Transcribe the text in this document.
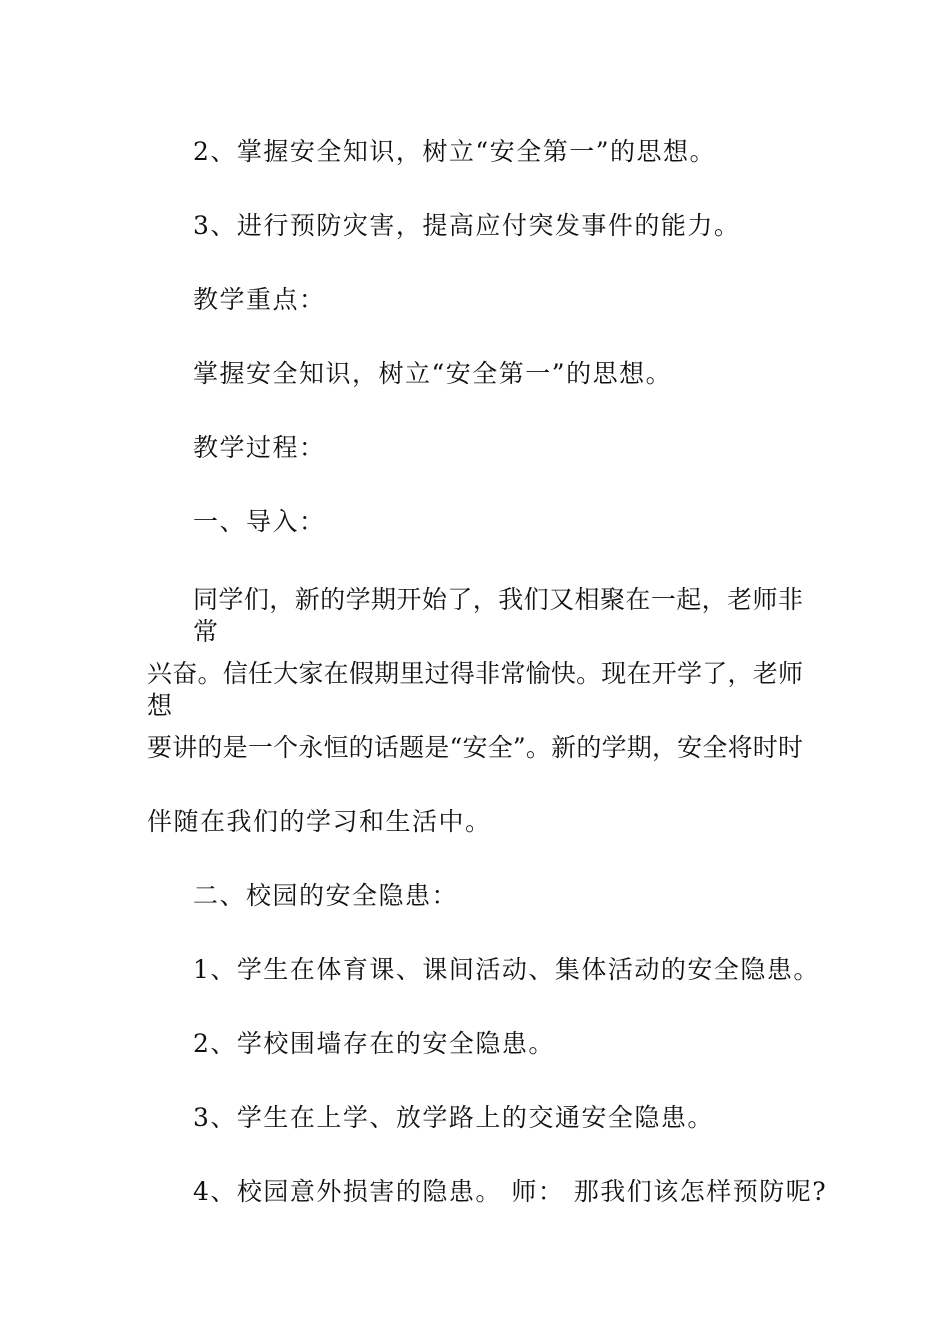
2、掌握安全知识，树立“安全第一”的思想。
3、进行预防灾害，提高应付突发事件的能力。
教学重点：
掌握安全知识，树立“安全第一”的思想。
教学过程：
一、导入：
同学们，新的学期开始了，我们又相聚在一起，老师非常
兴奋。信任大家在假期里过得非常愉快。现在开学了，老师想
要讲的是一个永恒的话题是“安全”。新的学期，安全将时时
伴随在我们的学习和生活中。
二、校园的安全隐患：
1、学生在体育课、课间活动、集体活动的安全隐患。
2、学校围墙存在的安全隐患。
3、学生在上学、放学路上的交通安全隐患。
4、校园意外损害的隐患。 师： 那我们该怎样预防呢?
